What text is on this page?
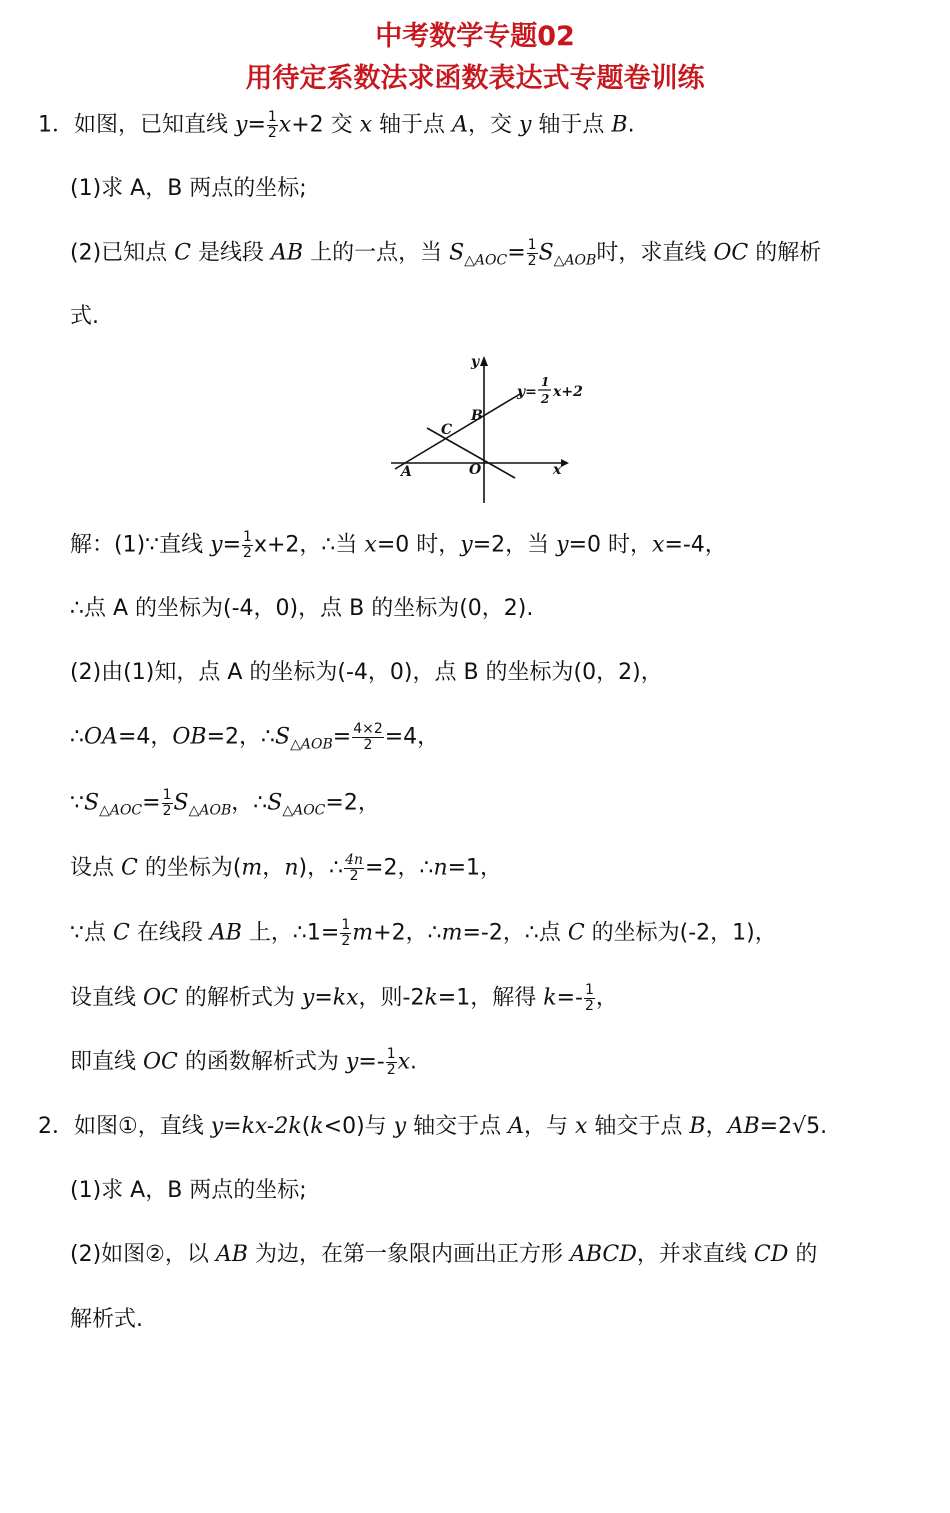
中考数学专题02
用待定系数法求函数表达式专题卷训练
1．如图，已知直线 $y= \frac{1}{2} x+2$ 交 x 轴于点 A，交 y 轴于点 B.
(1)求 A，B 两点的坐标;
(2)已知点 C 是线段 AB 上的一点，当 $S_{\triangle AOC}= \frac{1}{2} S_{\triangle AOB}$时，求直线 OC 的解析
式.
y
x
A
B
C
O
y=
1
2 x+2
解：(1)∵直线 $y= \frac{1}{2} x+2$，∴当 x=0 时，y=2，当 y=0 时，x=-4，
∴点 A 的坐标为(-4，0)，点 B 的坐标为(0，2).
(2)由(1)知，点 A 的坐标为(-4，0)，点 B 的坐标为(0，2)，
∴OA=4，OB=2，$\therefore S_{\triangle AOB}= \frac{4\times 2}{2} =4$，
$\because S_{\triangle AOC}= \frac{1}{2} S_{\triangle AOB}$，$\therefore S_{\triangle AOC}=2$，
设点 C 的坐标为(m，n)，∴ $\frac{4n}{2} =2$，∴n=1，
∵点 C 在线段 AB 上，∴1= $\frac{1}{2} m+2$，∴m=-2，∴点 C 的坐标为(-2，1)，
设直线 OC 的解析式为 y=kx，则-2k=1，解得 $k=- \frac{1}{2}$ ，
即直线 OC 的函数解析式为 $y=- \frac{1}{2} x$.
2．如图①，直线 y=kx-2k(k<0)与 y 轴交于点 A，与 x 轴交于点 B，AB=2√5.
(1)求 A，B 两点的坐标;
(2)如图②，以 AB 为边，在第一象限内画出正方形 ABCD，并求直线 CD 的
解析式.
